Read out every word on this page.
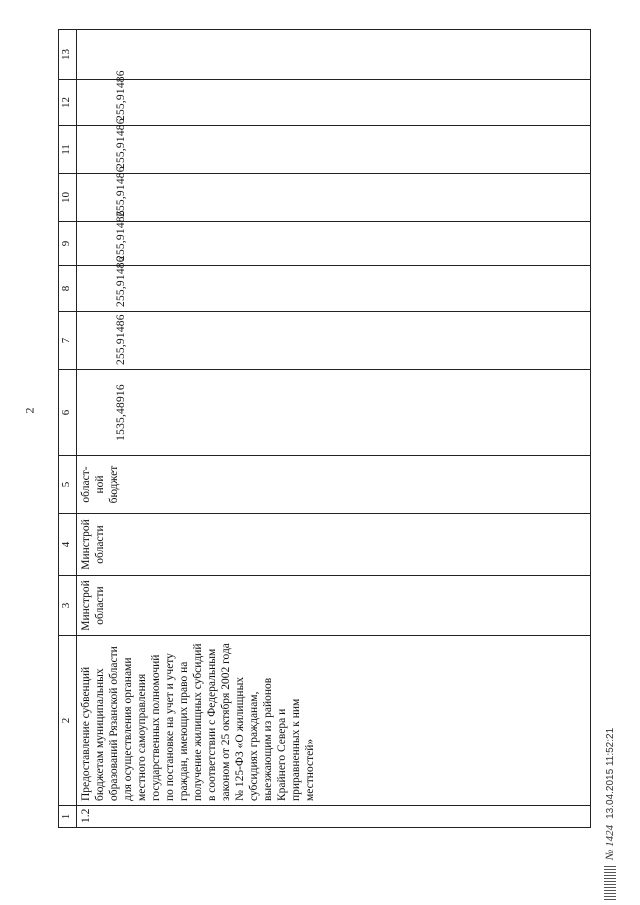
2
1	2	3	4	5	6	7	8	9	10	11	12	13
1.2	Предоставление субвенций бюджетам муниципальных образований Рязанской области для осуществления органами местного самоуправления государственных полномочий по постановке на учет и учету граждан, имеющих право на получение жилищных субсидий в соответствии с Федеральным законом от 25 октября 2002 года № 125-ФЗ «О жилищных субсидиях гражданам, выезжающим из районов Крайнего Севера и приравненных к ним местностей»	Минстрой области	Минстрой области	област-ной бюджет	1535,48916	255,91486	255,91486	255,91486	255,91486	255,91486	255,91486	
№ 1424
13.04.2015 11:52:21
